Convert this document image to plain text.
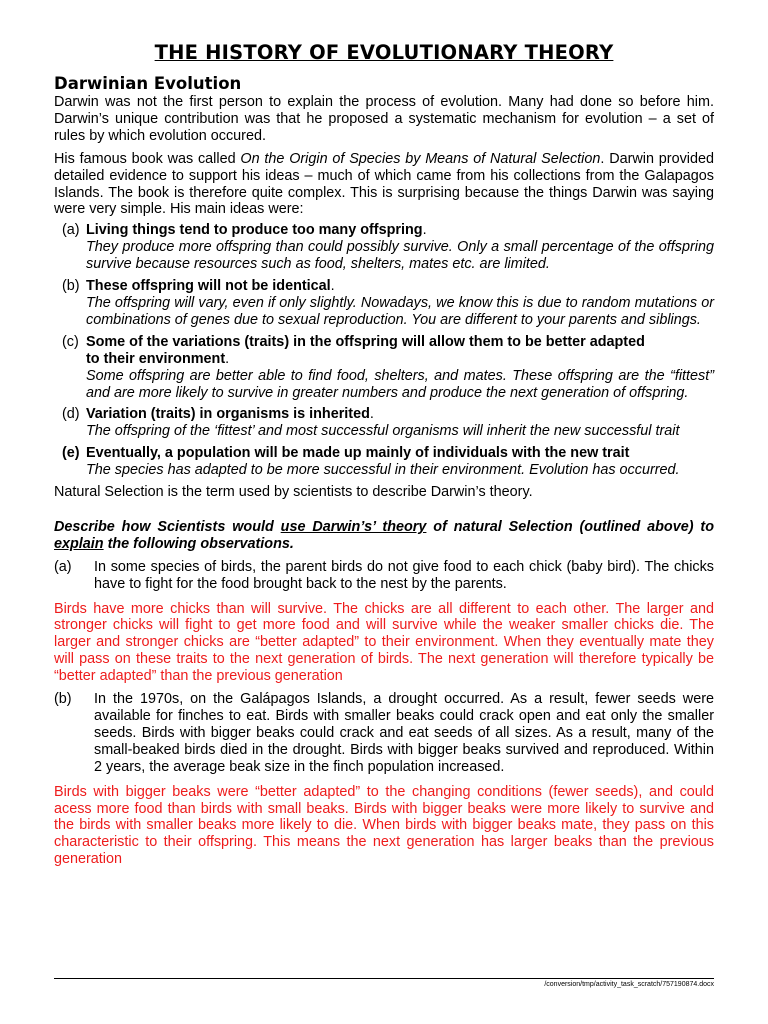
THE HISTORY OF EVOLUTIONARY THEORY
Darwinian Evolution

Darwin was not the first person to explain the process of evolution. Many had done so before him. Darwin’s unique contribution was that he proposed a systematic mechanism for evolution – a set of rules by which evolution occured.

His famous book was called On the Origin of Species by Means of Natural Selection. Darwin provided detailed evidence to support his ideas – much of which came from his collections from the Galapagos Islands. The book is therefore quite complex. This is surprising because the things Darwin was saying were very simple. His main ideas were:

(a) Living things tend to produce too many offspring.
They produce more offspring than could possibly survive. Only a small percentage of the offspring survive because resources such as food, shelters, mates etc. are limited.
(b) These offspring will not be identical.
The offspring will vary, even if only slightly. Nowadays, we know this is due to random mutations or combinations of genes due to sexual reproduction. You are different to your parents and siblings.
(c) Some of the variations (traits) in the offspring will allow them to be better adapted
to their environment.
Some offspring are better able to find food, shelters, and mates. These offspring are the “fittest” and are more likely to survive in greater numbers and produce the next generation of offspring.
(d) Variation (traits) in organisms is inherited.
The offspring of the ‘fittest’ and most successful organisms will inherit the new successful trait
(e) Eventually, a population will be made up mainly of individuals with the new trait
The species has adapted to be more successful in their environment. Evolution has occurred.

Natural Selection is the term used by scientists to describe Darwin’s theory.

Describe how Scientists would use Darwin’s’ theory of natural Selection (outlined above) to explain the following observations.

(a)	In some species of birds, the parent birds do not give food to each chick (baby bird). The chicks have to fight for the food brought back to the nest by the parents.

Birds have more chicks than will survive. The chicks are all different to each other. The larger and stronger chicks will fight to get more food and will survive while the weaker smaller chicks die. The larger and stronger chicks are “better adapted” to their environment. When they eventually mate they will pass on these traits to the next generation of birds. The next generation will therefore typically be “better adapted” than the previous generation

(b)	In the 1970s, on the Galápagos Islands, a drought occurred. As a result, fewer seeds were available for finches to eat. Birds with smaller beaks could crack open and eat only the smaller seeds. Birds with bigger beaks could crack and eat seeds of all sizes. As a result, many of the small-beaked birds died in the drought. Birds with bigger beaks survived and reproduced. Within 2 years, the average beak size in the finch population increased.

Birds with bigger beaks were “better adapted” to the changing conditions (fewer seeds), and could acess more food than birds with small beaks. Birds with bigger beaks were more likely to survive and the birds with smaller beaks more likely to die. When birds with bigger beaks mate, they pass on this characteristic to their offspring. This means the next generation has larger beaks than the previous generation

/conversion/tmp/activity_task_scratch/757190874.docx
